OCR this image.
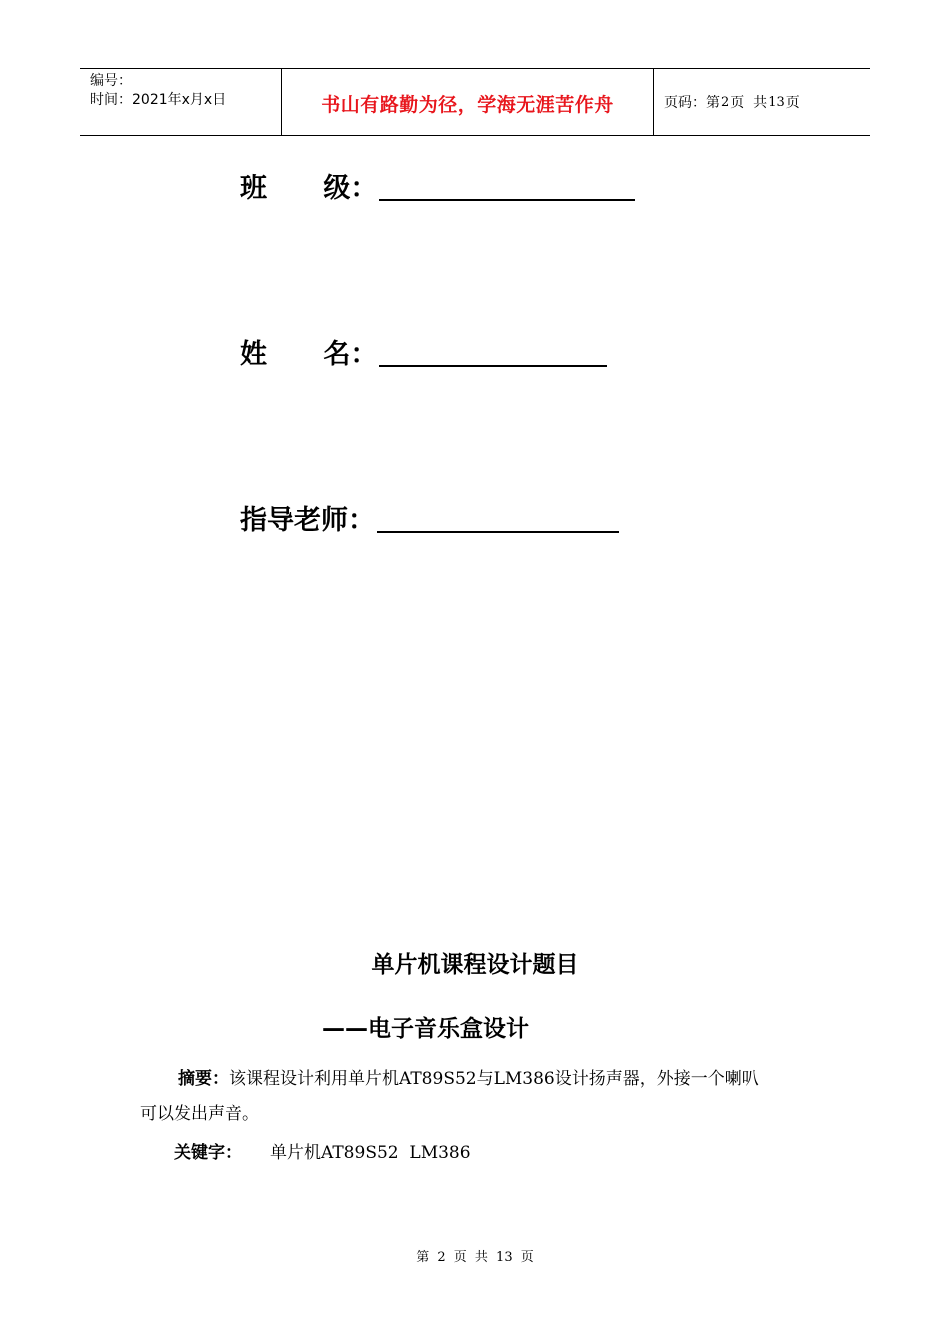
编号：
时间：2021年x月x日	书山有路勤为径，学海无涯苦作舟	页码：第 2 页  共 13 页
班      级：
姓      名：
指导老师：
单片机课程设计题目
——电子音乐盒设计
摘要：该课程设计利用单片机AT89S52与LM386设计扬声器，外接一个喇叭
可以发出声音。
关键字：	单片机AT89S52  LM386
第 2 页 共 13 页
